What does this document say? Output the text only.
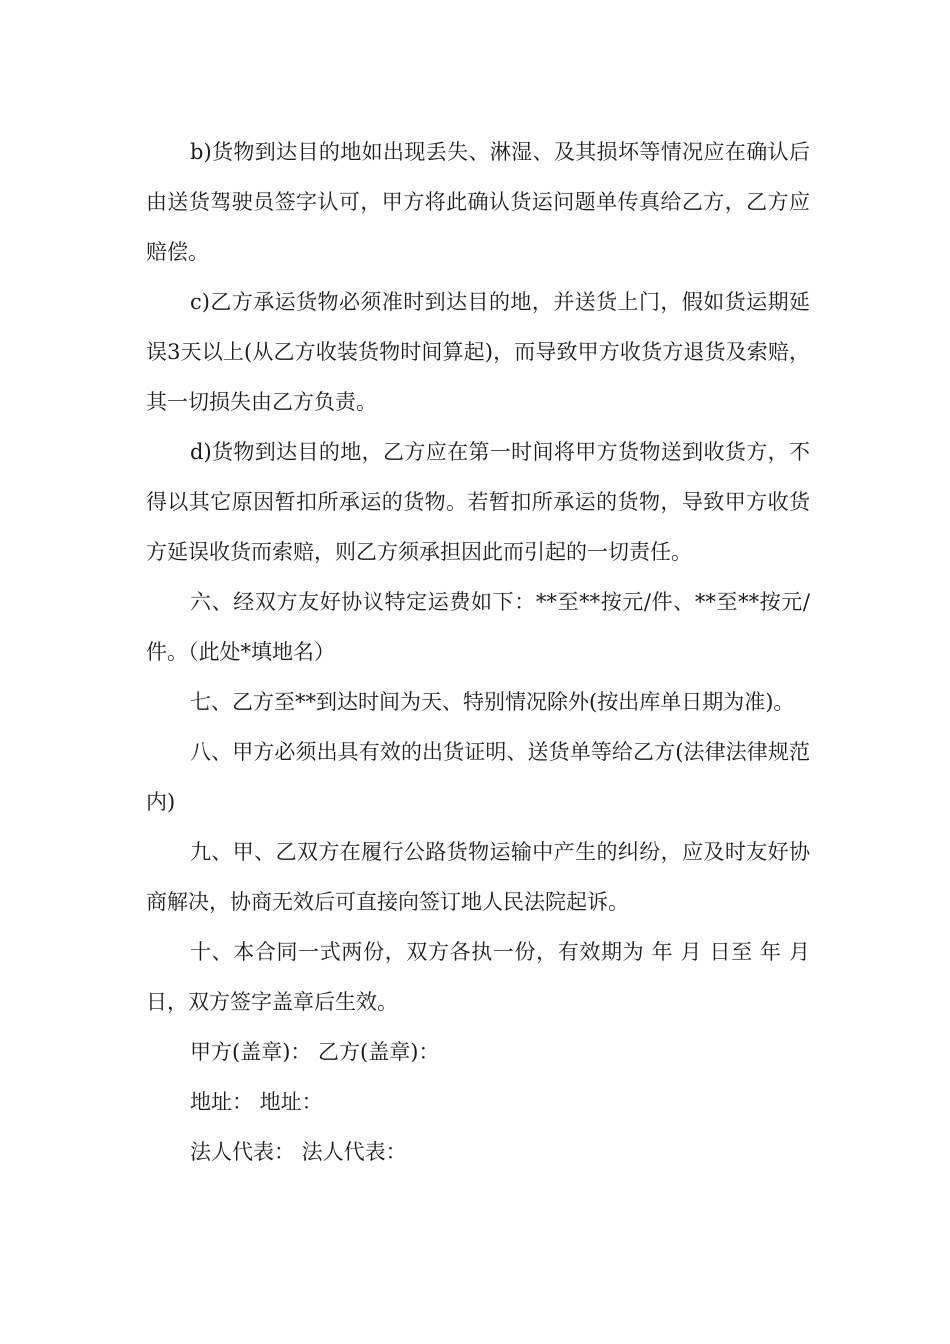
b)货物到达目的地如出现丢失、淋湿、及其损坏等情况应在确认后由送货驾驶员签字认可，甲方将此确认货运问题单传真给乙方，乙方应赔偿。

c)乙方承运货物必须准时到达目的地，并送货上门，假如货运期延误3天以上(从乙方收装货物时间算起)，而导致甲方收货方退货及索赔，其一切损失由乙方负责。

d)货物到达目的地，乙方应在第一时间将甲方货物送到收货方，不得以其它原因暂扣所承运的货物。若暂扣所承运的货物，导致甲方收货方延误收货而索赔，则乙方须承担因此而引起的一切责任。

六、经双方友好协议特定运费如下：**至**按元/件、**至**按元/件。（此处*填地名）

七、乙方至**到达时间为天、特别情况除外(按出库单日期为准)。

八、甲方必须出具有效的出货证明、送货单等给乙方(法律法律规范内)

九、甲、乙双方在履行公路货物运输中产生的纠纷，应及时友好协商解决，协商无效后可直接向签订地人民法院起诉。

十、本合同一式两份，双方各执一份，有效期为 年 月 日至 年 月 日，双方签字盖章后生效。

甲方(盖章)： 乙方(盖章)：

地址： 地址：

法人代表： 法人代表：
